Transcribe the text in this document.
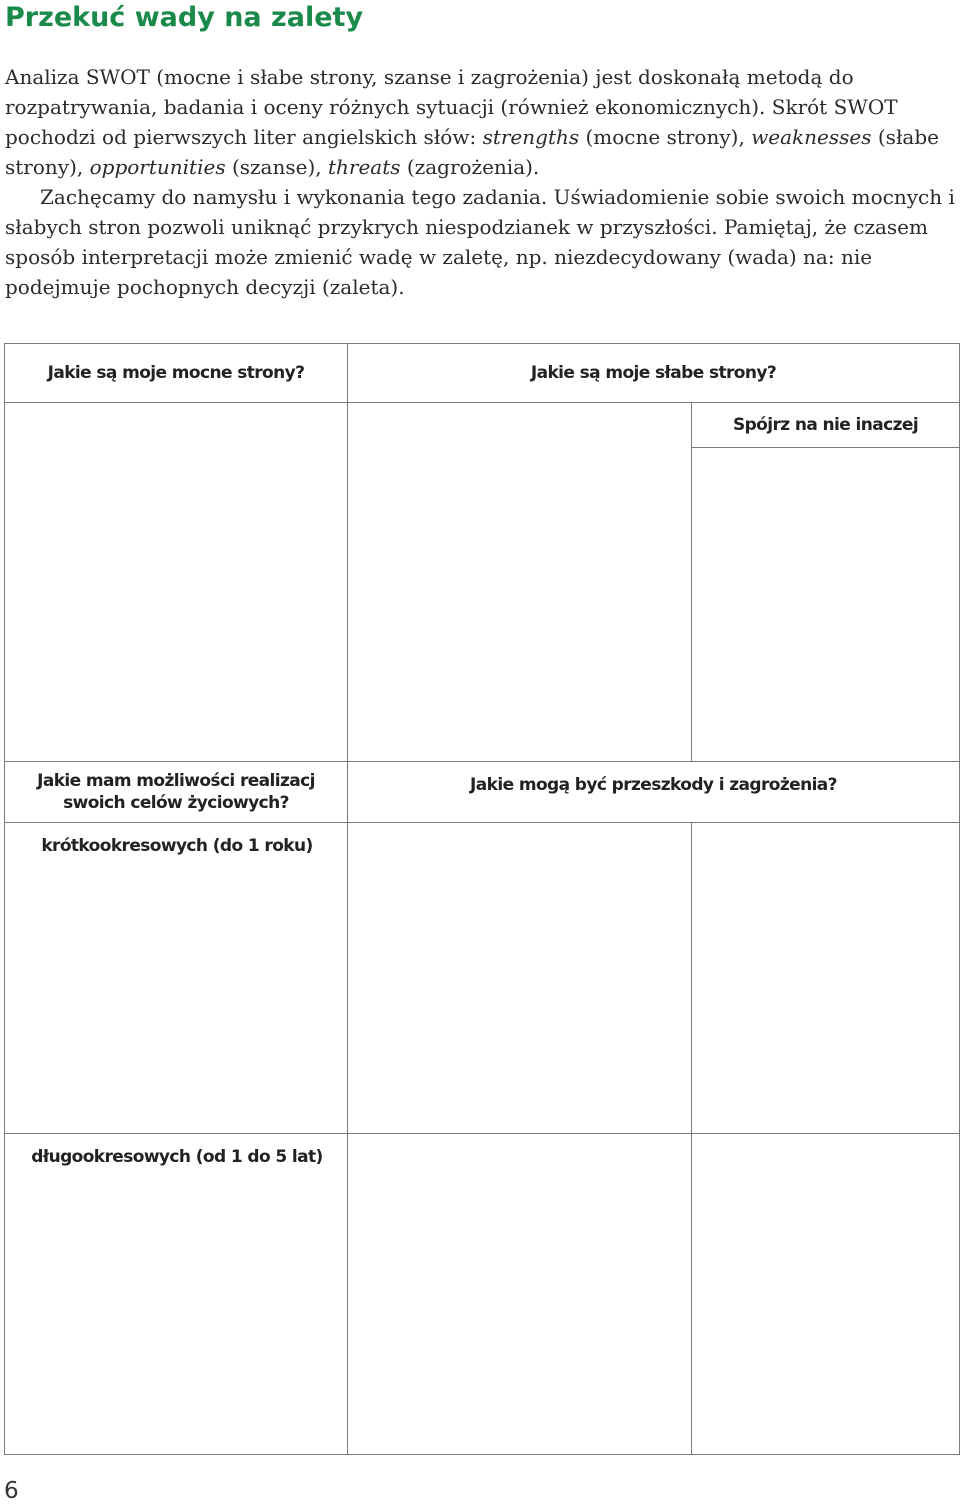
Przekuć wady na zalety

Analiza SWOT (mocne i słabe strony, szanse i zagrożenia) jest doskonałą metodą do rozpatrywania, badania i oceny różnych sytuacji (również ekonomicznych). Skrót SWOT pochodzi od pierwszych liter angielskich słów: strengths (mocne strony), weaknesses (słabe strony), opportunities (szanse), threats (zagrożenia).

Zachęcamy do namysłu i wykonania tego zadania. Uświadomienie sobie swoich mocnych i słabych stron pozwoli uniknąć przykrych niespodzianek w przyszłości. Pamiętaj, że czasem sposób interpretacji może zmienić wadę w zaletę, np. niezdecydowany (wada) na: nie podejmuje pochopnych decyzji (zaleta).

Jakie są moje mocne strony?	Jakie są moje słabe strony?
Spójrz na nie inaczej
Jakie mam możliwości realizacj swoich celów życiowych?
Jakie mogą być przeszkody i zagrożenia?
krótkookresowych (do 1 roku)
długookresowych (od 1 do 5 lat)
6
